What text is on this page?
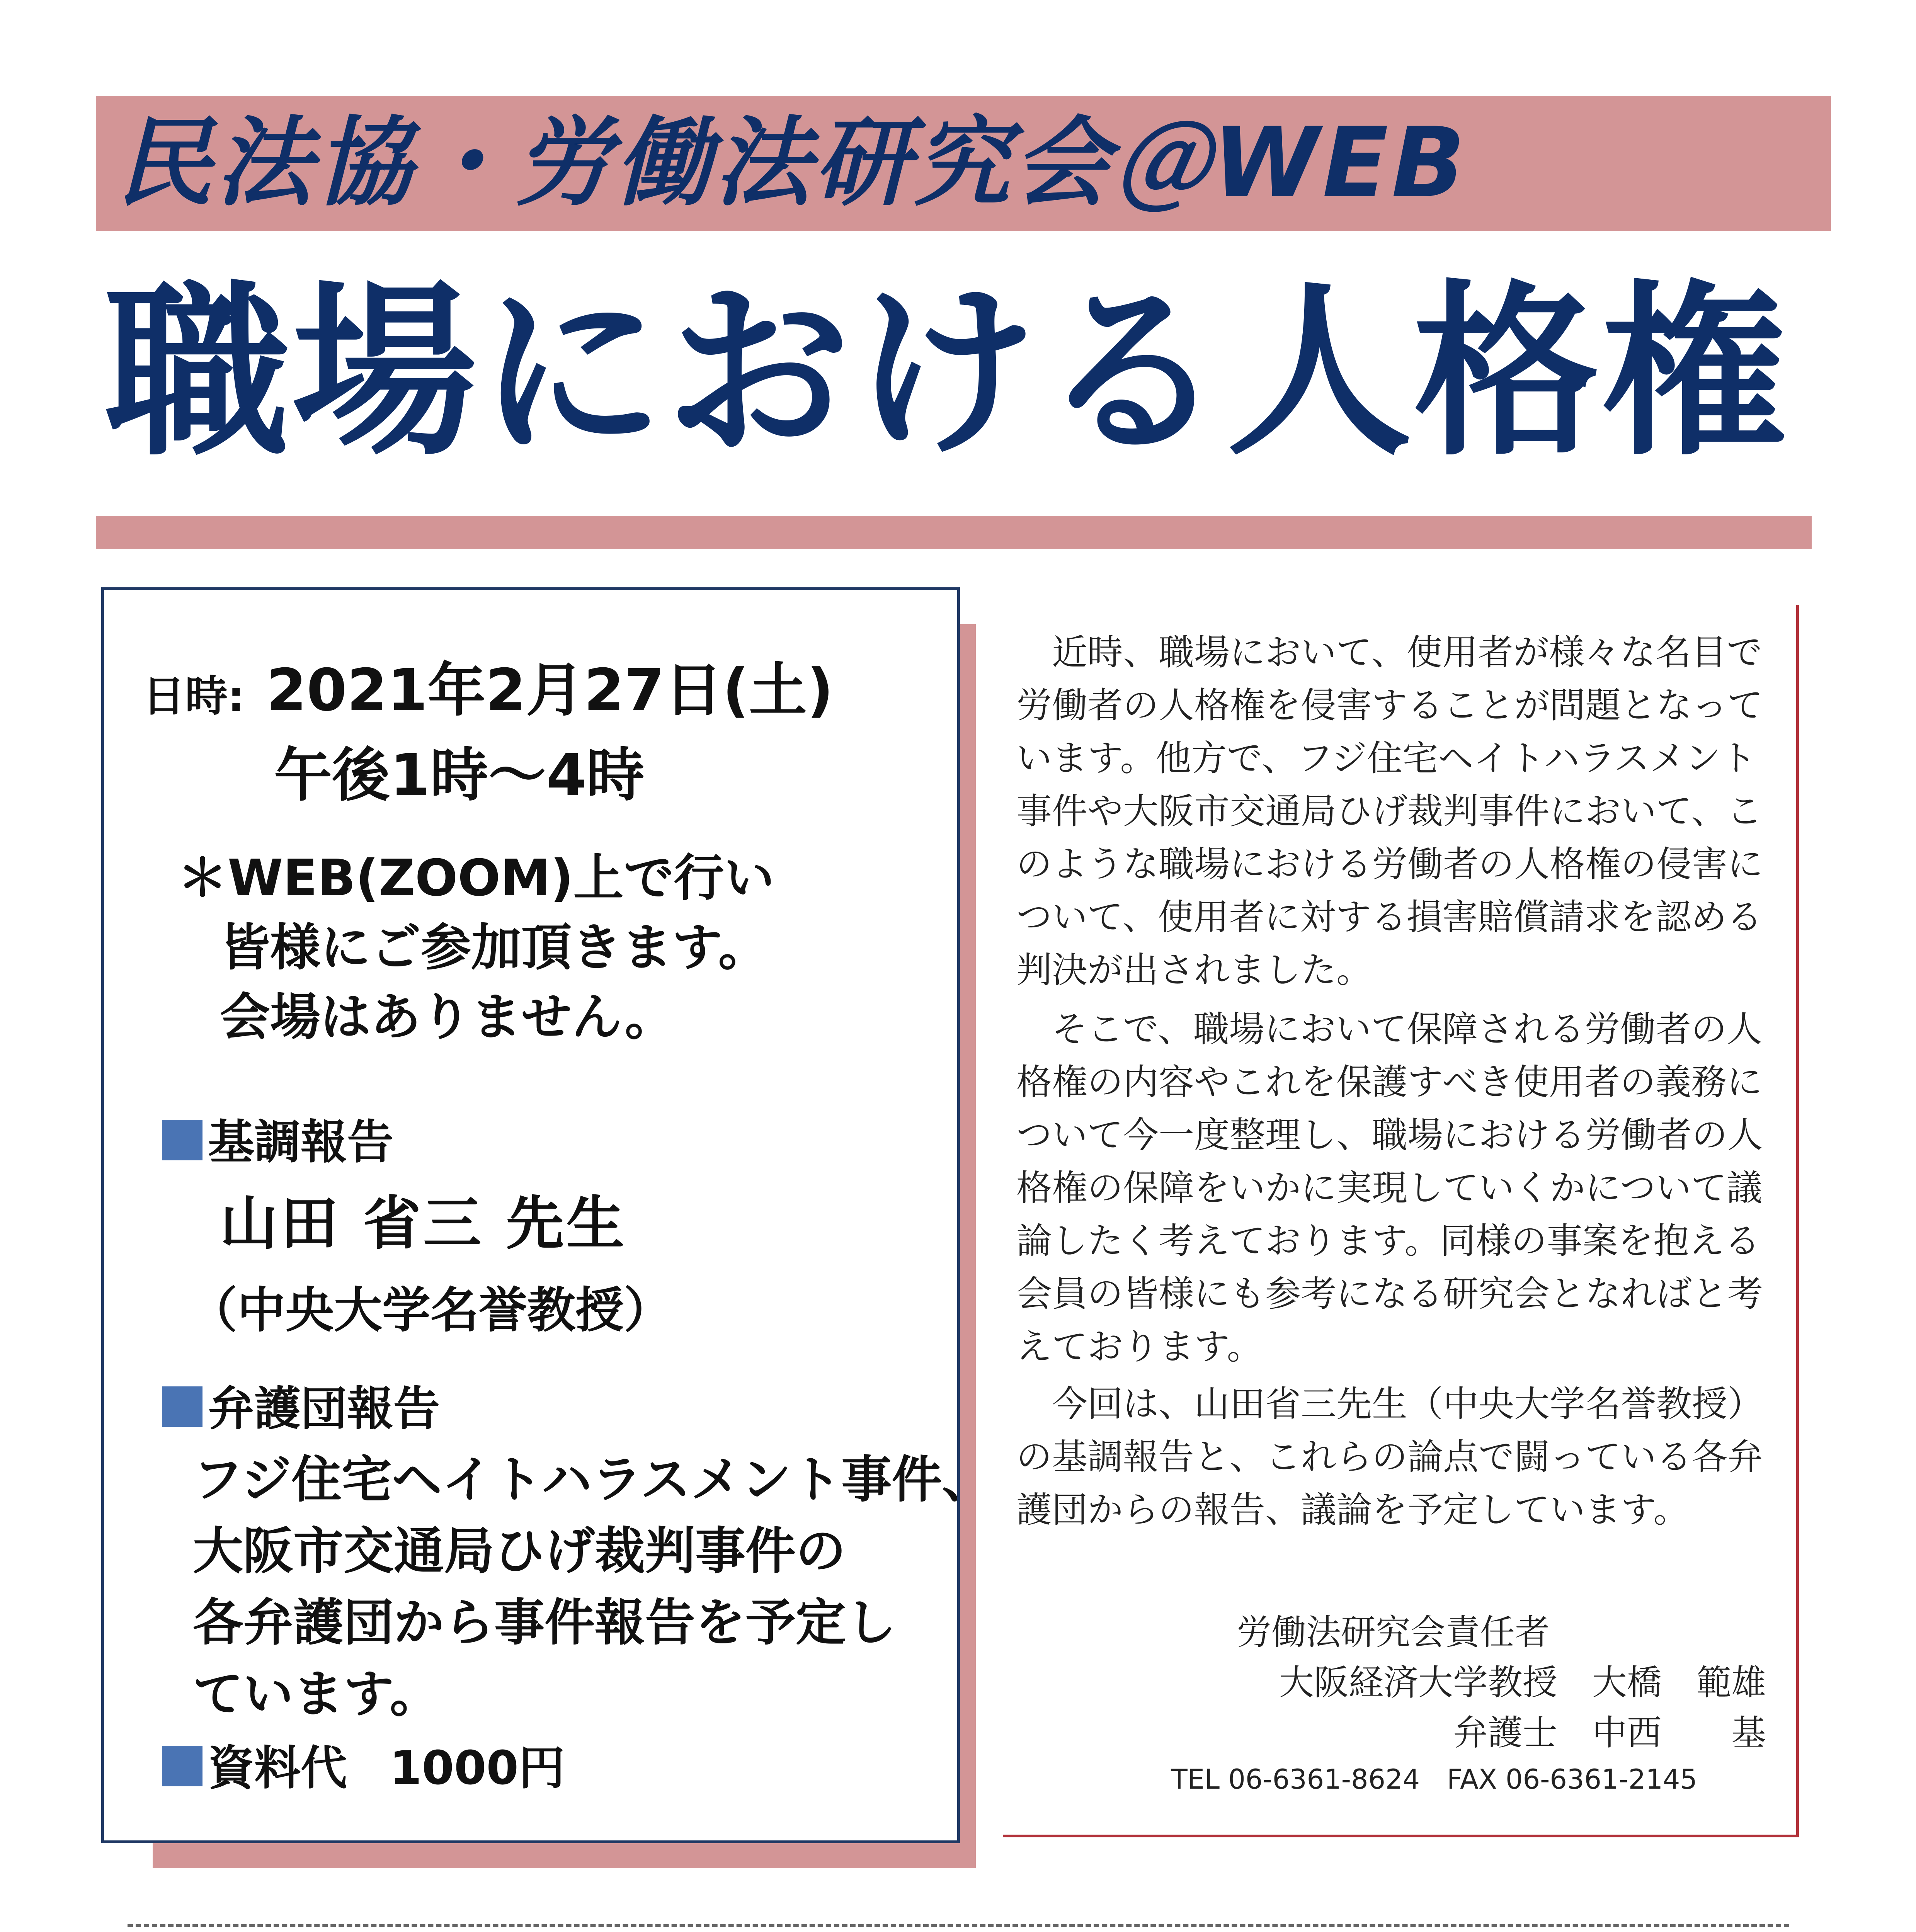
民法協・労働法研究会＠WEB
職場における人格権
日時: 2021年2月27日(土)
午後1時～4時
＊WEB(ZOOM)上で行い
皆様にご参加頂きます。
会場はありません。
基調報告
山田 省三 先生
（中央大学名誉教授）
弁護団報告
フジ住宅ヘイトハラスメント事件、
大阪市交通局ひげ裁判事件の
各弁護団から事件報告を予定し
ています。
資料代 1000円
近時、職場において、使用者が様々な名目で労働者の人格権を侵害することが問題となっています。他方で、フジ住宅ヘイトハラスメント事件や大阪市交通局ひげ裁判事件において、このような職場における労働者の人格権の侵害について、使用者に対する損害賠償請求を認める判決が出されました。
そこで、職場において保障される労働者の人格権の内容やこれを保護すべき使用者の義務について今一度整理し、職場における労働者の人格権の保障をいかに実現していくかについて議論したく考えております。同様の事案を抱える会員の皆様にも参考になる研究会となればと考えております。
今回は、山田省三先生（中央大学名誉教授）の基調報告と、これらの論点で闘っている各弁護団からの報告、議論を予定しています。
労働法研究会責任者
大阪経済大学教授　大橋　範雄
弁護士　中西　　基
TEL 06-6361-8624　FAX 06-6361-2145
